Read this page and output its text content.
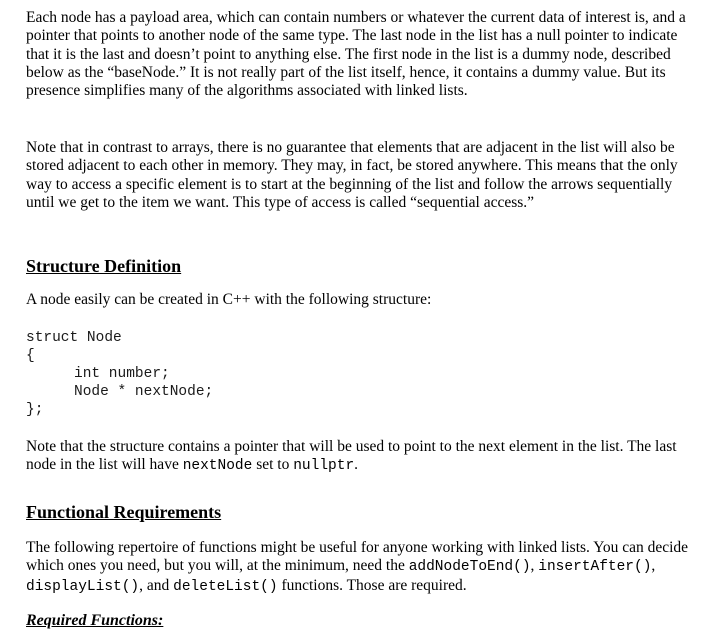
Each node has a payload area, which can contain numbers or whatever the current data of interest is, and a pointer that points to another node of the same type. The last node in the list has a null pointer to indicate that it is the last and doesn’t point to anything else. The first node in the list is a dummy node, described below as the “baseNode.” It is not really part of the list itself, hence, it contains a dummy value. But its presence simplifies many of the algorithms associated with linked lists.

Note that in contrast to arrays, there is no guarantee that elements that are adjacent in the list will also be stored adjacent to each other in memory. They may, in fact, be stored anywhere. This means that the only way to access a specific element is to start at the beginning of the list and follow the arrows sequentially until we get to the item we want. This type of access is called “sequential access.”

Structure Definition

A node easily can be created in C++ with the following structure:

struct Node
{
int number;
Node * nextNode;
};

Note that the structure contains a pointer that will be used to point to the next element in the list. The last node in the list will have nextNode set to nullptr.

Functional Requirements

The following repertoire of functions might be useful for anyone working with linked lists. You can decide which ones you need, but you will, at the minimum, need the addNodeToEnd(), insertAfter(), displayList(), and deleteList() functions. Those are required.

Required Functions:
